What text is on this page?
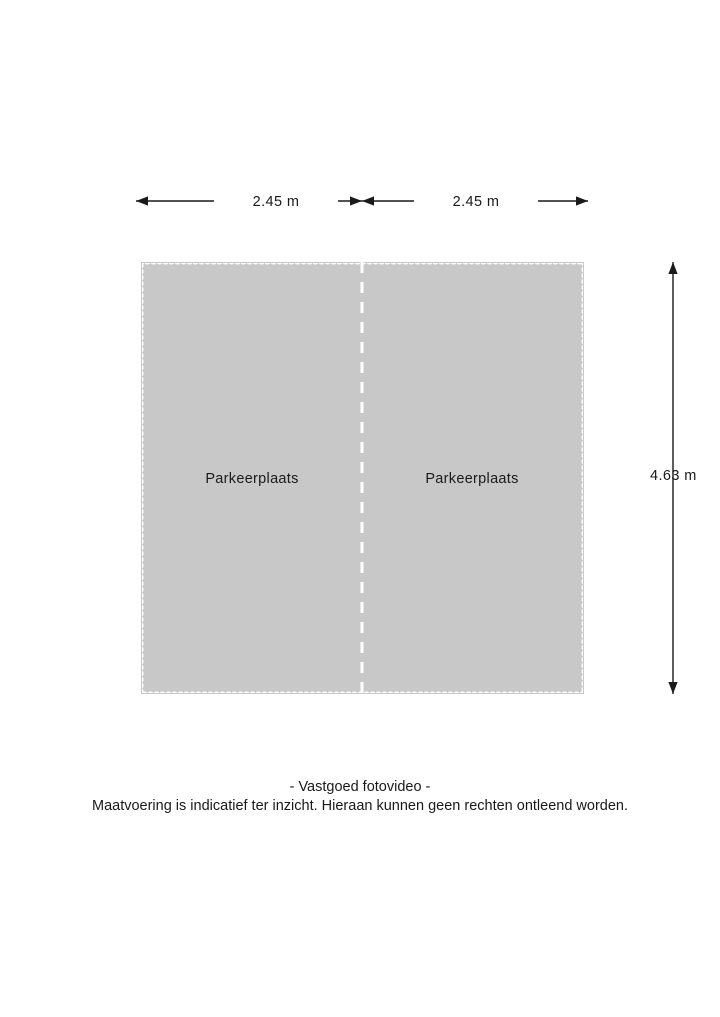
2.45 m	2.45 m
4.63 m
Parkeerplaats	Parkeerplaats
- Vastgoed fotovideo -
Maatvoering is indicatief ter inzicht. Hieraan kunnen geen rechten ontleend worden.
